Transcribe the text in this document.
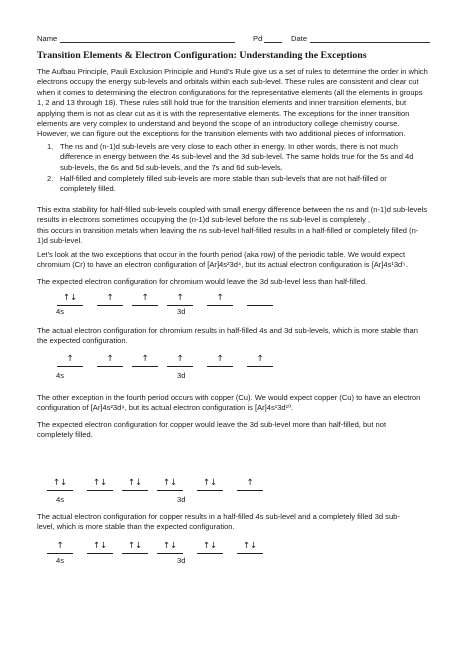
Name	Pd	Date
Transition Elements & Electron Configuration: Understanding the Exceptions
The Aufbau Principle, Pauli Exclusion Principle and Hund’s Rule give us a set of rules to determine the order in which
electrons occupy the energy sub-levels and orbitals within each sub-level. These rules are consistent and clear cut
when it comes to determining the electron configurations for the representative elements (all the elements in groups
1, 2 and 13 through 18). These rules still hold true for the transition elements and inner transition elements, but
applying them is not as clear cut as it is with the representative elements. The exceptions for the inner transition
elements are very complex to understand and beyond the scope of an introductory college chemistry course.
However, we can figure out the exceptions for the transition elements with two additional pieces of information.
1. The ns and (n-1)d sub-levels are very close to each other in energy. In other words, there is not much
difference in energy between the 4s sub-level and the 3d sub-level. The same holds true for the 5s and 4d
sub-levels, the 6s and 5d sub-levels, and the 7s and 6d sub-levels.
2. Half-filled and completely filled sub-levels are more stable than sub-levels that are not half-filled or
completely filled.
This extra stability for half-filled sub-levels coupled with small energy difference between the ns and (n-1)d sub-levels
results in electrons sometimes occupying the (n-1)d sub-level before the ns sub-level is completely ,
this occurs in transition metals when leaving the ns sub-level half-filled results in a half-filled or completely filled (n-
1)d sub-level.
Let’s look at the two exceptions that occur in the fourth period (aka row) of the periodic table. We would expect
chromium (Cr) to have an electron configuration of [Ar]4s²3d⁴, but its actual electron configuration is [Ar]4s¹3d⁵.
The expected electron configuration for chromium would leave the 3d sub-level less than half-filled.
↑↓	↑	↑	↑	↑
4s	3d
The actual electron configuration for chromium results in half-filled 4s and 3d sub-levels, which is more stable than
the expected configuration.
↑	↑	↑	↑	↑	↑
4s	3d
The other exception in the fourth period occurs with copper (Cu). We would expect copper (Cu) to have an electron
configuration of [Ar]4s²3d⁹, but its actual electron configuration is [Ar]4s¹3d¹⁰.
The expected electron configuration for copper would leave the 3d sub-level more than half-filled, but not
completely filled.
↑↓	↑↓	↑↓	↑↓	↑↓	↑
4s	3d
The actual electron configuration for copper results in a half-filled 4s sub-level and a completely filled 3d sub-
level, which is more stable than the expected configuration.
↑	↑↓	↑↓	↑↓	↑↓	↑↓
4s	3d
